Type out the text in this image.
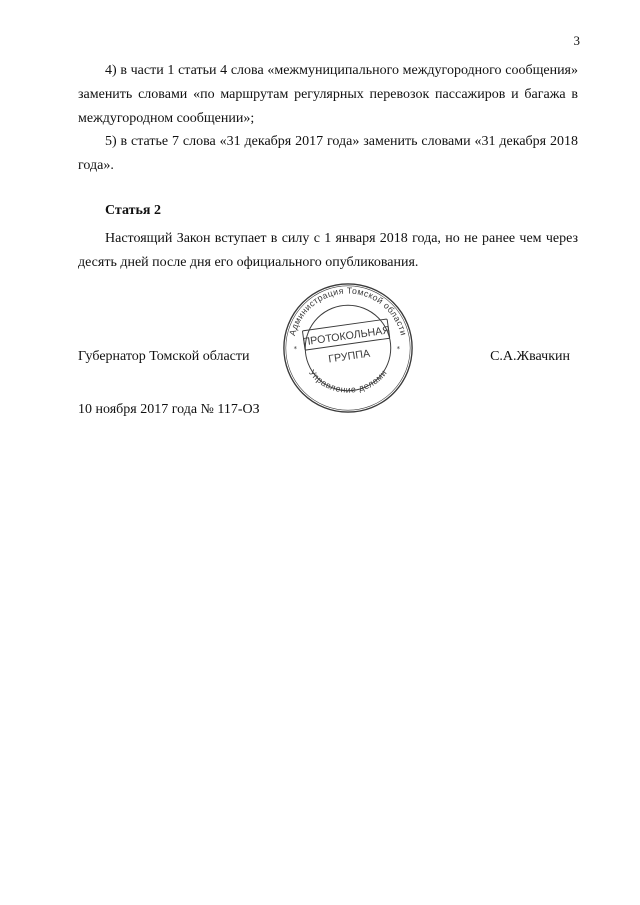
3

4) в части 1 статьи 4 слова «межмуниципального междугородного сообщения» заменить словами «по маршрутам регулярных перевозок пассажиров и багажа в междугородном сообщении»;

5) в статье 7 слова «31 декабря 2017 года» заменить словами «31 декабря 2018 года».

Статья 2

Настоящий Закон вступает в силу с 1 января 2018 года, но не ранее чем через десять дней после дня его официального опубликования.

Губернатор Томской области	С.А.Жвачкин
Администрация Томской области
Управление делами
*	*
ПРОТОКОЛЬНАЯ
ГРУППА
10 ноября 2017 года № 117-ОЗ
